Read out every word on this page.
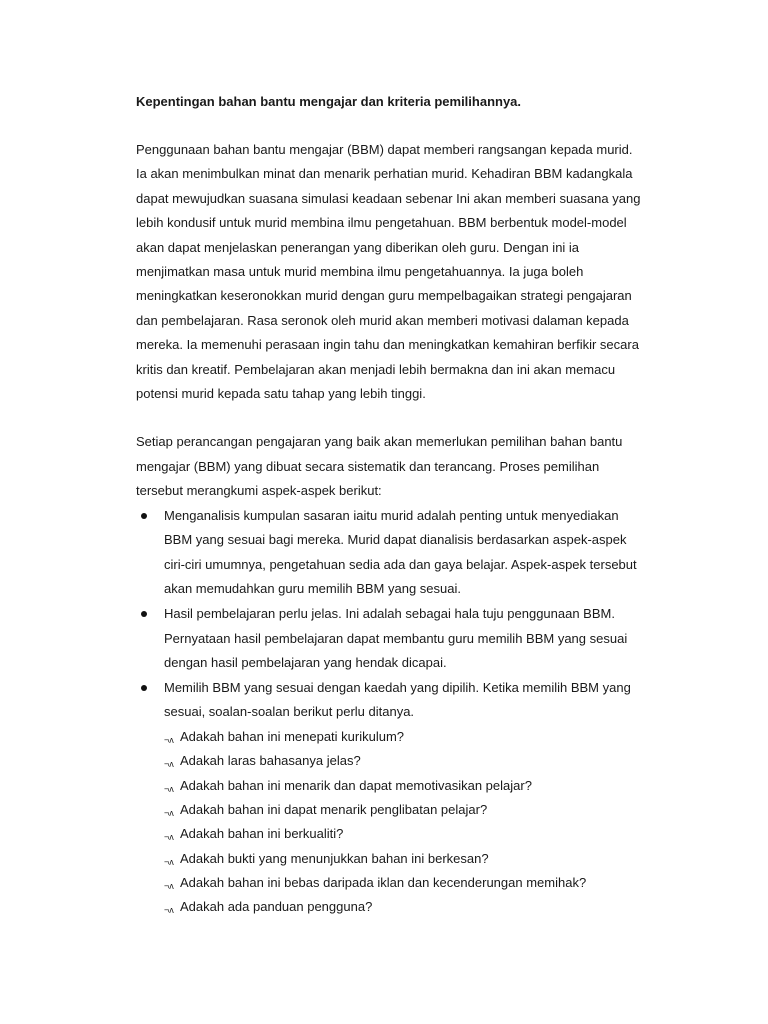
Kepentingan bahan bantu mengajar dan kriteria pemilihannya.
Penggunaan bahan bantu mengajar (BBM) dapat memberi rangsangan kepada murid.
Ia akan menimbulkan minat dan menarik perhatian murid. Kehadiran BBM kadangkala
dapat mewujudkan suasana simulasi keadaan sebenar Ini akan memberi suasana yang
lebih kondusif untuk murid membina ilmu pengetahuan. BBM berbentuk model-model
akan dapat menjelaskan penerangan yang diberikan oleh guru. Dengan ini ia
menjimatkan masa untuk murid membina ilmu pengetahuannya. Ia juga boleh
meningkatkan keseronokkan murid dengan guru mempelbagaikan strategi pengajaran
dan pembelajaran. Rasa seronok oleh murid akan memberi motivasi dalaman kepada
mereka. Ia memenuhi perasaan ingin tahu dan meningkatkan kemahiran berfikir secara
kritis dan kreatif. Pembelajaran akan menjadi lebih bermakna dan ini akan memacu
potensi murid kepada satu tahap yang lebih tinggi.
Setiap perancangan pengajaran yang baik akan memerlukan pemilihan bahan bantu
mengajar (BBM) yang dibuat secara sistematik dan terancang. Proses pemilihan
tersebut merangkumi aspek-aspek berikut:
Menganalisis kumpulan sasaran iaitu murid adalah penting untuk menyediakan
BBM yang sesuai bagi mereka. Murid dapat dianalisis berdasarkan aspek-aspek
ciri-ciri umumnya, pengetahuan sedia ada dan gaya belajar. Aspek-aspek tersebut
akan memudahkan guru memilih BBM yang sesuai.
Hasil pembelajaran perlu jelas. Ini adalah sebagai hala tuju penggunaan BBM.
Pernyataan hasil pembelajaran dapat membantu guru memilih BBM yang sesuai
dengan hasil pembelajaran yang hendak dicapai.
Memilih BBM yang sesuai dengan kaedah yang dipilih. Ketika memilih BBM yang
sesuai, soalan-soalan berikut perlu ditanya.
¬ʌ Adakah bahan ini menepati kurikulum?
¬ʌ Adakah laras bahasanya jelas?
¬ʌ Adakah bahan ini menarik dan dapat memotivasikan pelajar?
¬ʌ Adakah bahan ini dapat menarik penglibatan pelajar?
¬ʌ Adakah bahan ini berkualiti?
¬ʌ Adakah bukti yang menunjukkan bahan ini berkesan?
¬ʌ Adakah bahan ini bebas daripada iklan dan kecenderungan memihak?
¬ʌ Adakah ada panduan pengguna?
